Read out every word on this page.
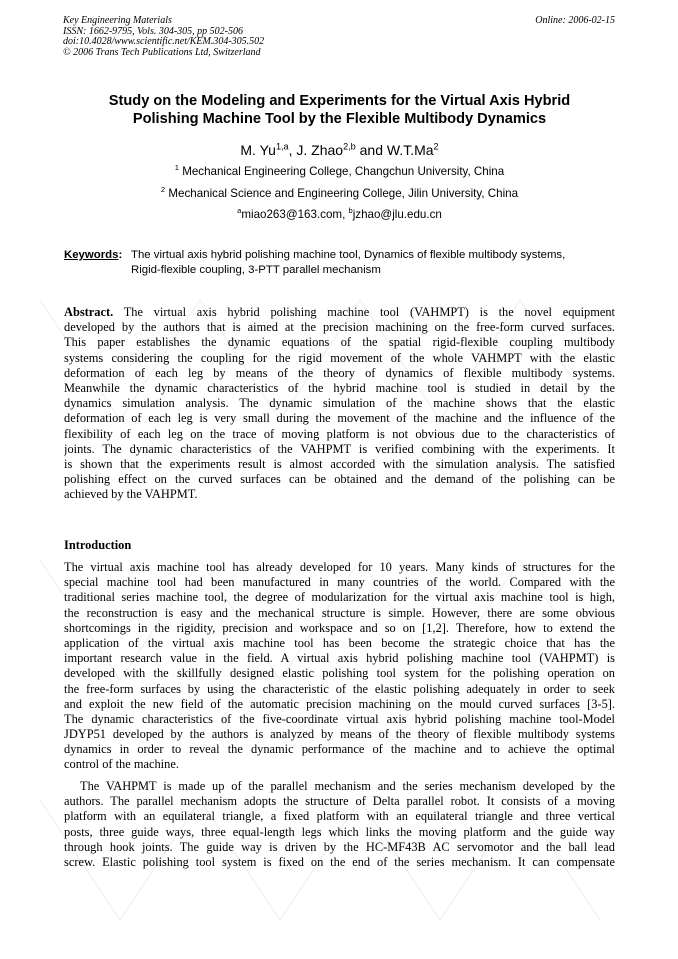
Key Engineering Materials
ISSN: 1662-9795, Vols. 304-305, pp 502-506
doi:10.4028/www.scientific.net/KEM.304-305.502
© 2006 Trans Tech Publications Ltd, Switzerland
Online: 2006-02-15
Study on the Modeling and Experiments for the Virtual Axis Hybrid
Polishing Machine Tool by the Flexible Multibody Dynamics
M. Yu$^{1,a}$, J. Zhao$^{2,b}$ and W.T.Ma$^2$
$^1$ Mechanical Engineering College, Changchun University, China
$^2$ Mechanical Science and Engineering College, Jilin University, China
$^a$miao263@163.com, $^b$jzhao@jlu.edu.cn
Keywords: The virtual axis hybrid polishing machine tool, Dynamics of flexible multibody systems,
Rigid-flexible coupling, 3-PTT parallel mechanism
Abstract. The virtual axis hybrid polishing machine tool (VAHMPT) is the novel equipment
developed by the authors that is aimed at the precision machining on the free-form curved surfaces.
This paper establishes the dynamic equations of the spatial rigid-flexible coupling multibody
systems considering the coupling for the rigid movement of the whole VAHMPT with the elastic
deformation of each leg by means of the theory of dynamics of flexible multibody systems.
Meanwhile the dynamic characteristics of the hybrid machine tool is studied in detail by the
dynamics simulation analysis. The dynamic simulation of the machine shows that the elastic
deformation of each leg is very small during the movement of the machine and the influence of the
flexibility of each leg on the trace of moving platform is not obvious due to the characteristics of
joints. The dynamic characteristics of the VAHPMT is verified combining with the experiments. It
is shown that the experiments result is almost accorded with the simulation analysis. The satisfied
polishing effect on the curved surfaces can be obtained and the demand of the polishing can be
achieved by the VAHPMT.
Introduction
The virtual axis machine tool has already developed for 10 years. Many kinds of structures for the
special machine tool had been manufactured in many countries of the world. Compared with the
traditional series machine tool, the degree of modularization for the virtual axis machine tool is high,
the reconstruction is easy and the mechanical structure is simple. However, there are some obvious
shortcomings in the rigidity, precision and workspace and so on [1,2]. Therefore, how to extend the
application of the virtual axis machine tool has been become the strategic choice that has the
important research value in the field. A virtual axis hybrid polishing machine tool (VAHPMT) is
developed with the skillfully designed elastic polishing tool system for the polishing operation on
the free-form surfaces by using the characteristic of the elastic polishing adequately in order to seek
and exploit the new field of the automatic precision machining on the mould curved surfaces [3-5].
The dynamic characteristics of the five-coordinate virtual axis hybrid polishing machine tool-Model
JDYP51 developed by the authors is analyzed by means of the theory of flexible multibody systems
dynamics in order to reveal the dynamic performance of the machine and to achieve the optimal
control of the machine.
The VAHPMT is made up of the parallel mechanism and the series mechanism developed by the
authors. The parallel mechanism adopts the structure of Delta parallel robot. It consists of a moving
platform with an equilateral triangle, a fixed platform with an equilateral triangle and three vertical
posts, three guide ways, three equal-length legs which links the moving platform and the guide way
through hook joints. The guide way is driven by the HC-MF43B AC servomotor and the ball lead
screw. Elastic polishing tool system is fixed on the end of the series mechanism. It can compensate
